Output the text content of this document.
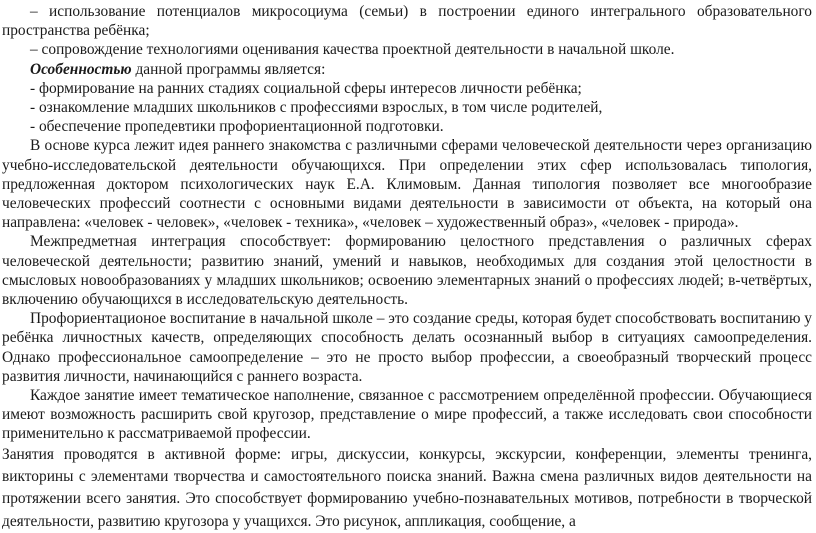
– использование потенциалов микросоциума (семьи) в построении единого интегрального образовательного пространства ребёнка;

– сопровождение технологиями оценивания качества проектной деятельности в начальной школе.

Особенностью данной программы является:

- формирование на ранних стадиях социальной сферы интересов личности ребёнка;

- ознакомление младших школьников с профессиями взрослых, в том числе родителей,

- обеспечение пропедевтики профориентационной подготовки.

В основе курса лежит идея раннего знакомства с различными сферами человеческой деятельности через организацию учебно-исследовательской деятельности обучающихся. При определении этих сфер использовалась типология, предложенная доктором психологических наук Е.А. Климовым. Данная типология позволяет все многообразие человеческих профессий соотнести с основными видами деятельности в зависимости от объекта, на который она направлена: «человек - человек», «человек - техника», «человек – художественный образ», «человек - природа».

Межпредметная интеграция способствует: формированию целостного представления о различных сферах человеческой деятельности; развитию знаний, умений и навыков, необходимых для создания этой целостности в смысловых новообразованиях у младших школьников; освоению элементарных знаний о профессиях людей; в-четвёртых, включению обучающихся в исследовательскую деятельность.

Профориентационое воспитание в начальной школе – это создание среды, которая будет способствовать воспитанию у ребёнка личностных качеств, определяющих способность делать осознанный выбор в ситуациях самоопределения. Однако профессиональное самоопределение – это не просто выбор профессии, а своеобразный творческий процесс развития личности, начинающийся с раннего возраста.

Каждое занятие имеет тематическое наполнение, связанное с рассмотрением определённой профессии. Обучающиеся имеют возможность расширить свой кругозор, представление о мире профессий, а также исследовать свои способности применительно к рассматриваемой профессии.

Занятия проводятся в активной форме: игры, дискуссии, конкурсы, экскурсии, конференции, элементы тренинга, викторины с элементами творчества и самостоятельного поиска знаний. Важна смена различных видов деятельности на протяжении всего занятия. Это способствует формированию учебно-познавательных мотивов, потребности в творческой деятельности, развитию кругозора у учащихся. Это рисунок, аппликация, сообщение, а
